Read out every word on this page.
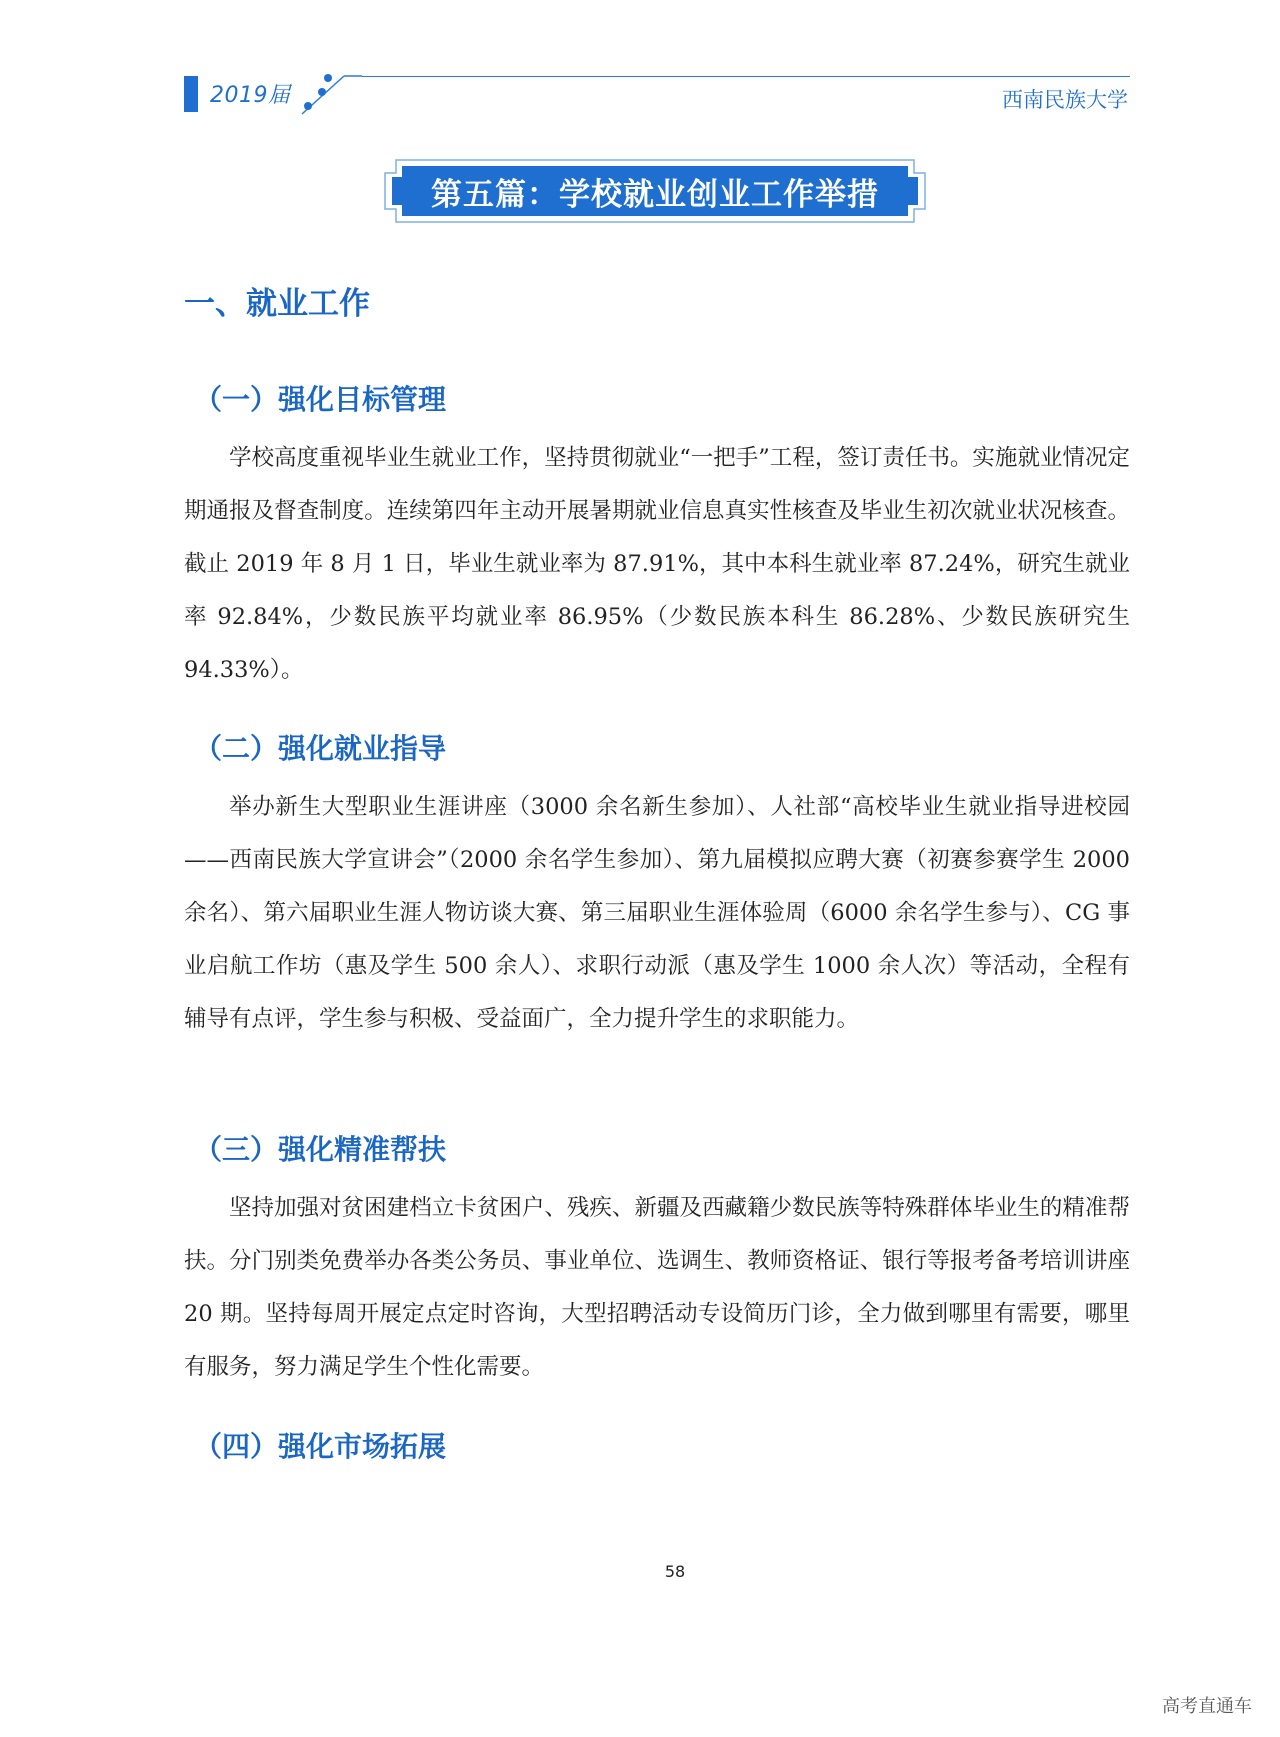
2019届	西南民族大学
第五篇：学校就业创业工作举措
一、就业工作
（一）强化目标管理
学校高度重视毕业生就业工作，坚持贯彻就业“一把手”工程，签订责任书。实施就业情况定期通报及督查制度。连续第四年主动开展暑期就业信息真实性核查及毕业生初次就业状况核查。截止 2019 年 8 月 1 日，毕业生就业率为 87.91%，其中本科生就业率 87.24%，研究生就业率 92.84%，少数民族平均就业率 86.95%（少数民族本科生 86.28%、少数民族研究生 94.33%）。
（二）强化就业指导
举办新生大型职业生涯讲座（3000 余名新生参加）、人社部“高校毕业生就业指导进校园——西南民族大学宣讲会”（2000 余名学生参加）、第九届模拟应聘大赛（初赛参赛学生 2000 余名）、第六届职业生涯人物访谈大赛、第三届职业生涯体验周（6000 余名学生参与）、CG 事业启航工作坊（惠及学生 500 余人）、求职行动派（惠及学生 1000 余人次）等活动，全程有辅导有点评，学生参与积极、受益面广，全力提升学生的求职能力。
（三）强化精准帮扶
坚持加强对贫困建档立卡贫困户、残疾、新疆及西藏籍少数民族等特殊群体毕业生的精准帮扶。分门别类免费举办各类公务员、事业单位、选调生、教师资格证、银行等报考备考培训讲座 20 期。坚持每周开展定点定时咨询，大型招聘活动专设简历门诊，全力做到哪里有需要，哪里有服务，努力满足学生个性化需要。
（四）强化市场拓展
58
高考直通车
